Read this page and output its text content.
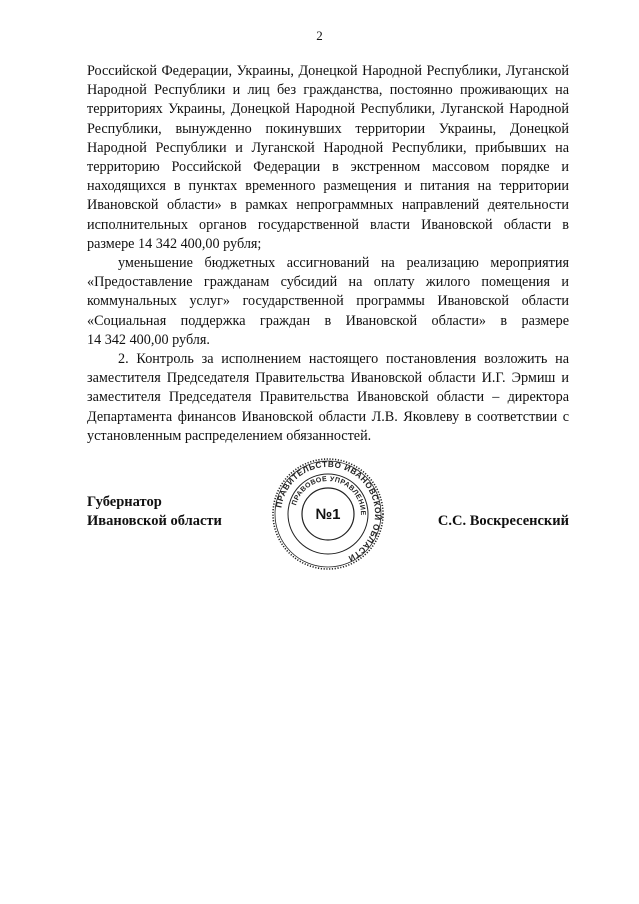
2

Российской Федерации, Украины, Донецкой Народной Республики, Луганской Народной Республики и лиц без гражданства, постоянно проживающих на территориях Украины, Донецкой Народной Республики, Луганской Народной Республики, вынужденно покинувших территории Украины, Донецкой Народной Республики и Луганской Народной Республики, прибывших на территорию Российской Федерации в экстренном массовом порядке и находящихся в пунктах временного размещения и питания на территории Ивановской области» в рамках непрограммных направлений деятельности исполнительных органов государственной власти Ивановской области в размере 14 342 400,00 рубля;

уменьшение бюджетных ассигнований на реализацию мероприятия «Предоставление гражданам субсидий на оплату жилого помещения и коммунальных услуг» государственной программы Ивановской области «Социальная поддержка граждан в Ивановской области» в размере 14 342 400,00 рубля.

2. Контроль за исполнением настоящего постановления возложить на заместителя Председателя Правительства Ивановской области И.Г. Эрмиш и заместителя Председателя Правительства Ивановской области – директора Департамента финансов Ивановской области Л.В. Яковлеву в соответствии с установленным распределением обязанностей.

Губернатор
Ивановской области
ПРАВИТЕЛЬСТВО ИВАНОВСКОЙ ОБЛАСТИ
ПРАВОВОЕ УПРАВЛЕНИЕ
№1	С.С. Воскресенский
